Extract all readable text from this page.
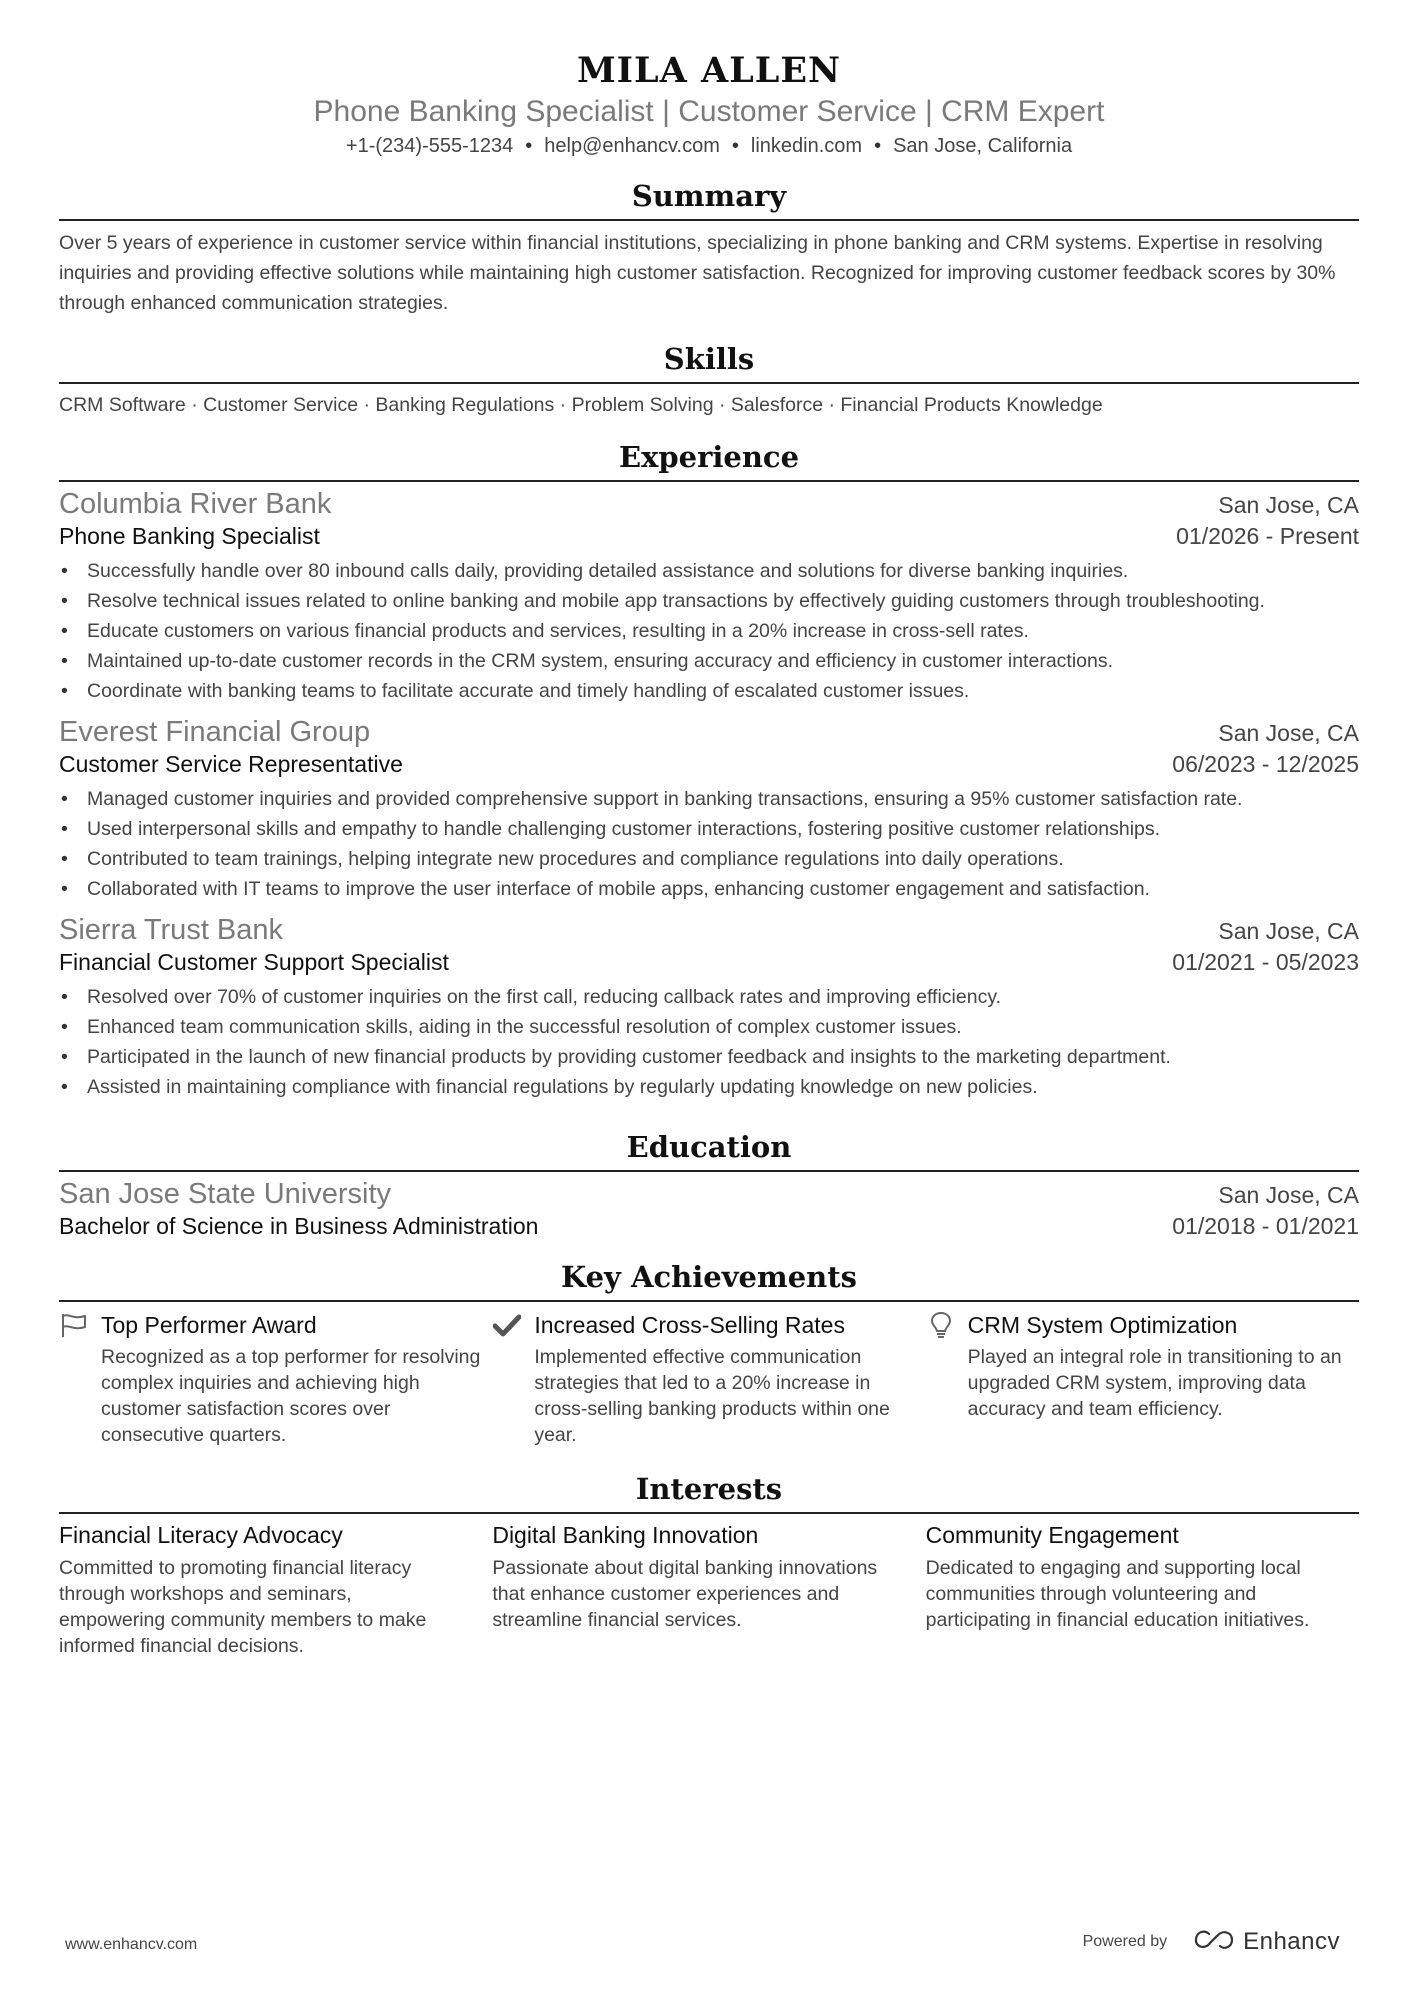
MILA ALLEN
Phone Banking Specialist | Customer Service | CRM Expert
+1-(234)-555-1234 • help@enhancv.com • linkedin.com • San Jose, California
Summary
Over 5 years of experience in customer service within financial institutions, specializing in phone banking and CRM systems. Expertise in resolving inquiries and providing effective solutions while maintaining high customer satisfaction. Recognized for improving customer feedback scores by 30% through enhanced communication strategies.
Skills
CRM Software · Customer Service · Banking Regulations · Problem Solving · Salesforce · Financial Products Knowledge
Experience
Columbia River Bank	San Jose, CA
Phone Banking Specialist	01/2026 - Present
• Successfully handle over 80 inbound calls daily, providing detailed assistance and solutions for diverse banking inquiries.
• Resolve technical issues related to online banking and mobile app transactions by effectively guiding customers through troubleshooting.
• Educate customers on various financial products and services, resulting in a 20% increase in cross-sell rates.
• Maintained up-to-date customer records in the CRM system, ensuring accuracy and efficiency in customer interactions.
• Coordinate with banking teams to facilitate accurate and timely handling of escalated customer issues.
Everest Financial Group	San Jose, CA
Customer Service Representative	06/2023 - 12/2025
• Managed customer inquiries and provided comprehensive support in banking transactions, ensuring a 95% customer satisfaction rate.
• Used interpersonal skills and empathy to handle challenging customer interactions, fostering positive customer relationships.
• Contributed to team trainings, helping integrate new procedures and compliance regulations into daily operations.
• Collaborated with IT teams to improve the user interface of mobile apps, enhancing customer engagement and satisfaction.
Sierra Trust Bank	San Jose, CA
Financial Customer Support Specialist	01/2021 - 05/2023
• Resolved over 70% of customer inquiries on the first call, reducing callback rates and improving efficiency.
• Enhanced team communication skills, aiding in the successful resolution of complex customer issues.
• Participated in the launch of new financial products by providing customer feedback and insights to the marketing department.
• Assisted in maintaining compliance with financial regulations by regularly updating knowledge on new policies.
Education
San Jose State University	San Jose, CA
Bachelor of Science in Business Administration	01/2018 - 01/2021
Key Achievements
Top Performer Award
Recognized as a top performer for resolving complex inquiries and achieving high customer satisfaction scores over consecutive quarters.
Increased Cross-Selling Rates
Implemented effective communication strategies that led to a 20% increase in cross-selling banking products within one year.
CRM System Optimization
Played an integral role in transitioning to an upgraded CRM system, improving data accuracy and team efficiency.
Interests
Financial Literacy Advocacy
Committed to promoting financial literacy through workshops and seminars, empowering community members to make informed financial decisions.
Digital Banking Innovation
Passionate about digital banking innovations that enhance customer experiences and streamline financial services.
Community Engagement
Dedicated to engaging and supporting local communities through volunteering and participating in financial education initiatives.
www.enhancv.com	Powered by	Enhancv
